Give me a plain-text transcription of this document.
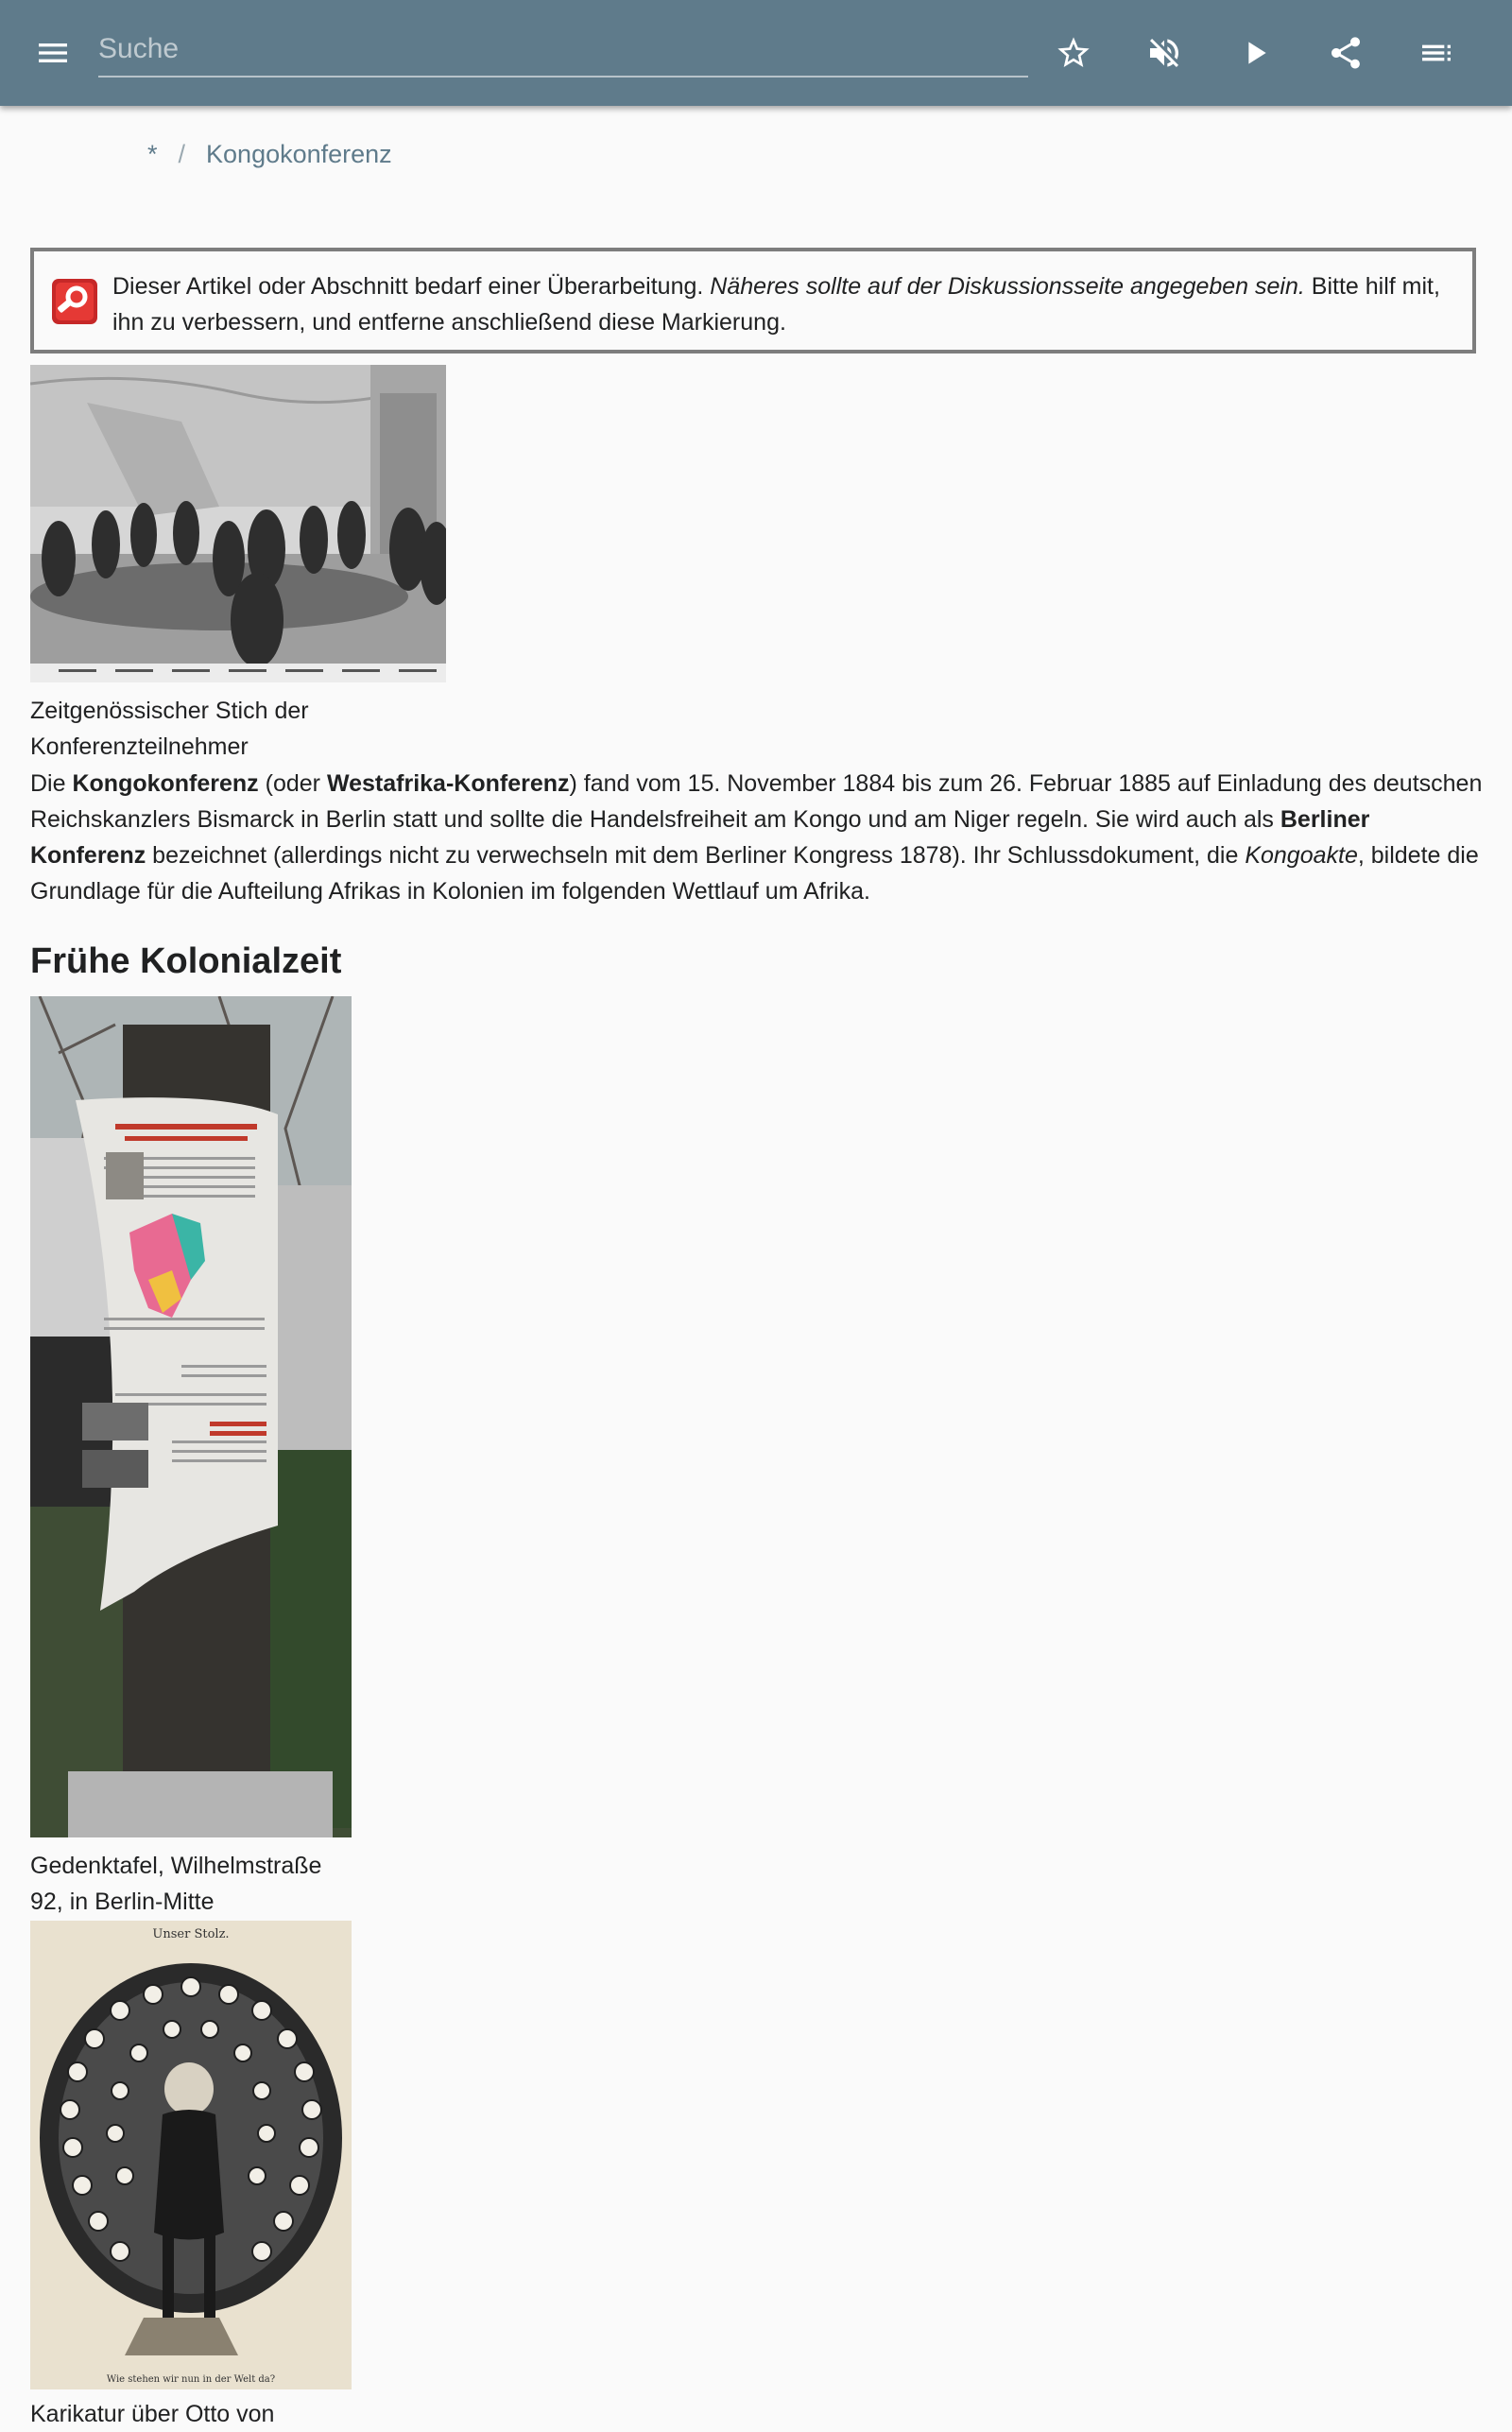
Suche
* / Kongokonferenz
Dieser Artikel oder Abschnitt bedarf einer Überarbeitung. Näheres sollte auf der Diskussionsseite angegeben sein. Bitte hilf mit, ihn zu verbessern, und entferne anschließend diese Markierung.
Zeitgenössischer Stich der Konferenzteilnehmer
Die Kongokonferenz (oder Westafrika-Konferenz) fand vom 15. November 1884 bis zum 26. Februar 1885 auf Einladung des deutschen Reichskanzlers Bismarck in Berlin statt und sollte die Handelsfreiheit am Kongo und am Niger regeln. Sie wird auch als Berliner Konferenz bezeichnet (allerdings nicht zu verwechseln mit dem Berliner Kongress 1878). Ihr Schlussdokument, die Kongoakte, bildete die Grundlage für die Aufteilung Afrikas in Kolonien im folgenden Wettlauf um Afrika.
Frühe Kolonialzeit
Gedenktafel, Wilhelmstraße 92, in Berlin-Mitte
Unser Stolz.
Wie stehen wir nun in der Welt da?
Karikatur über Otto von
